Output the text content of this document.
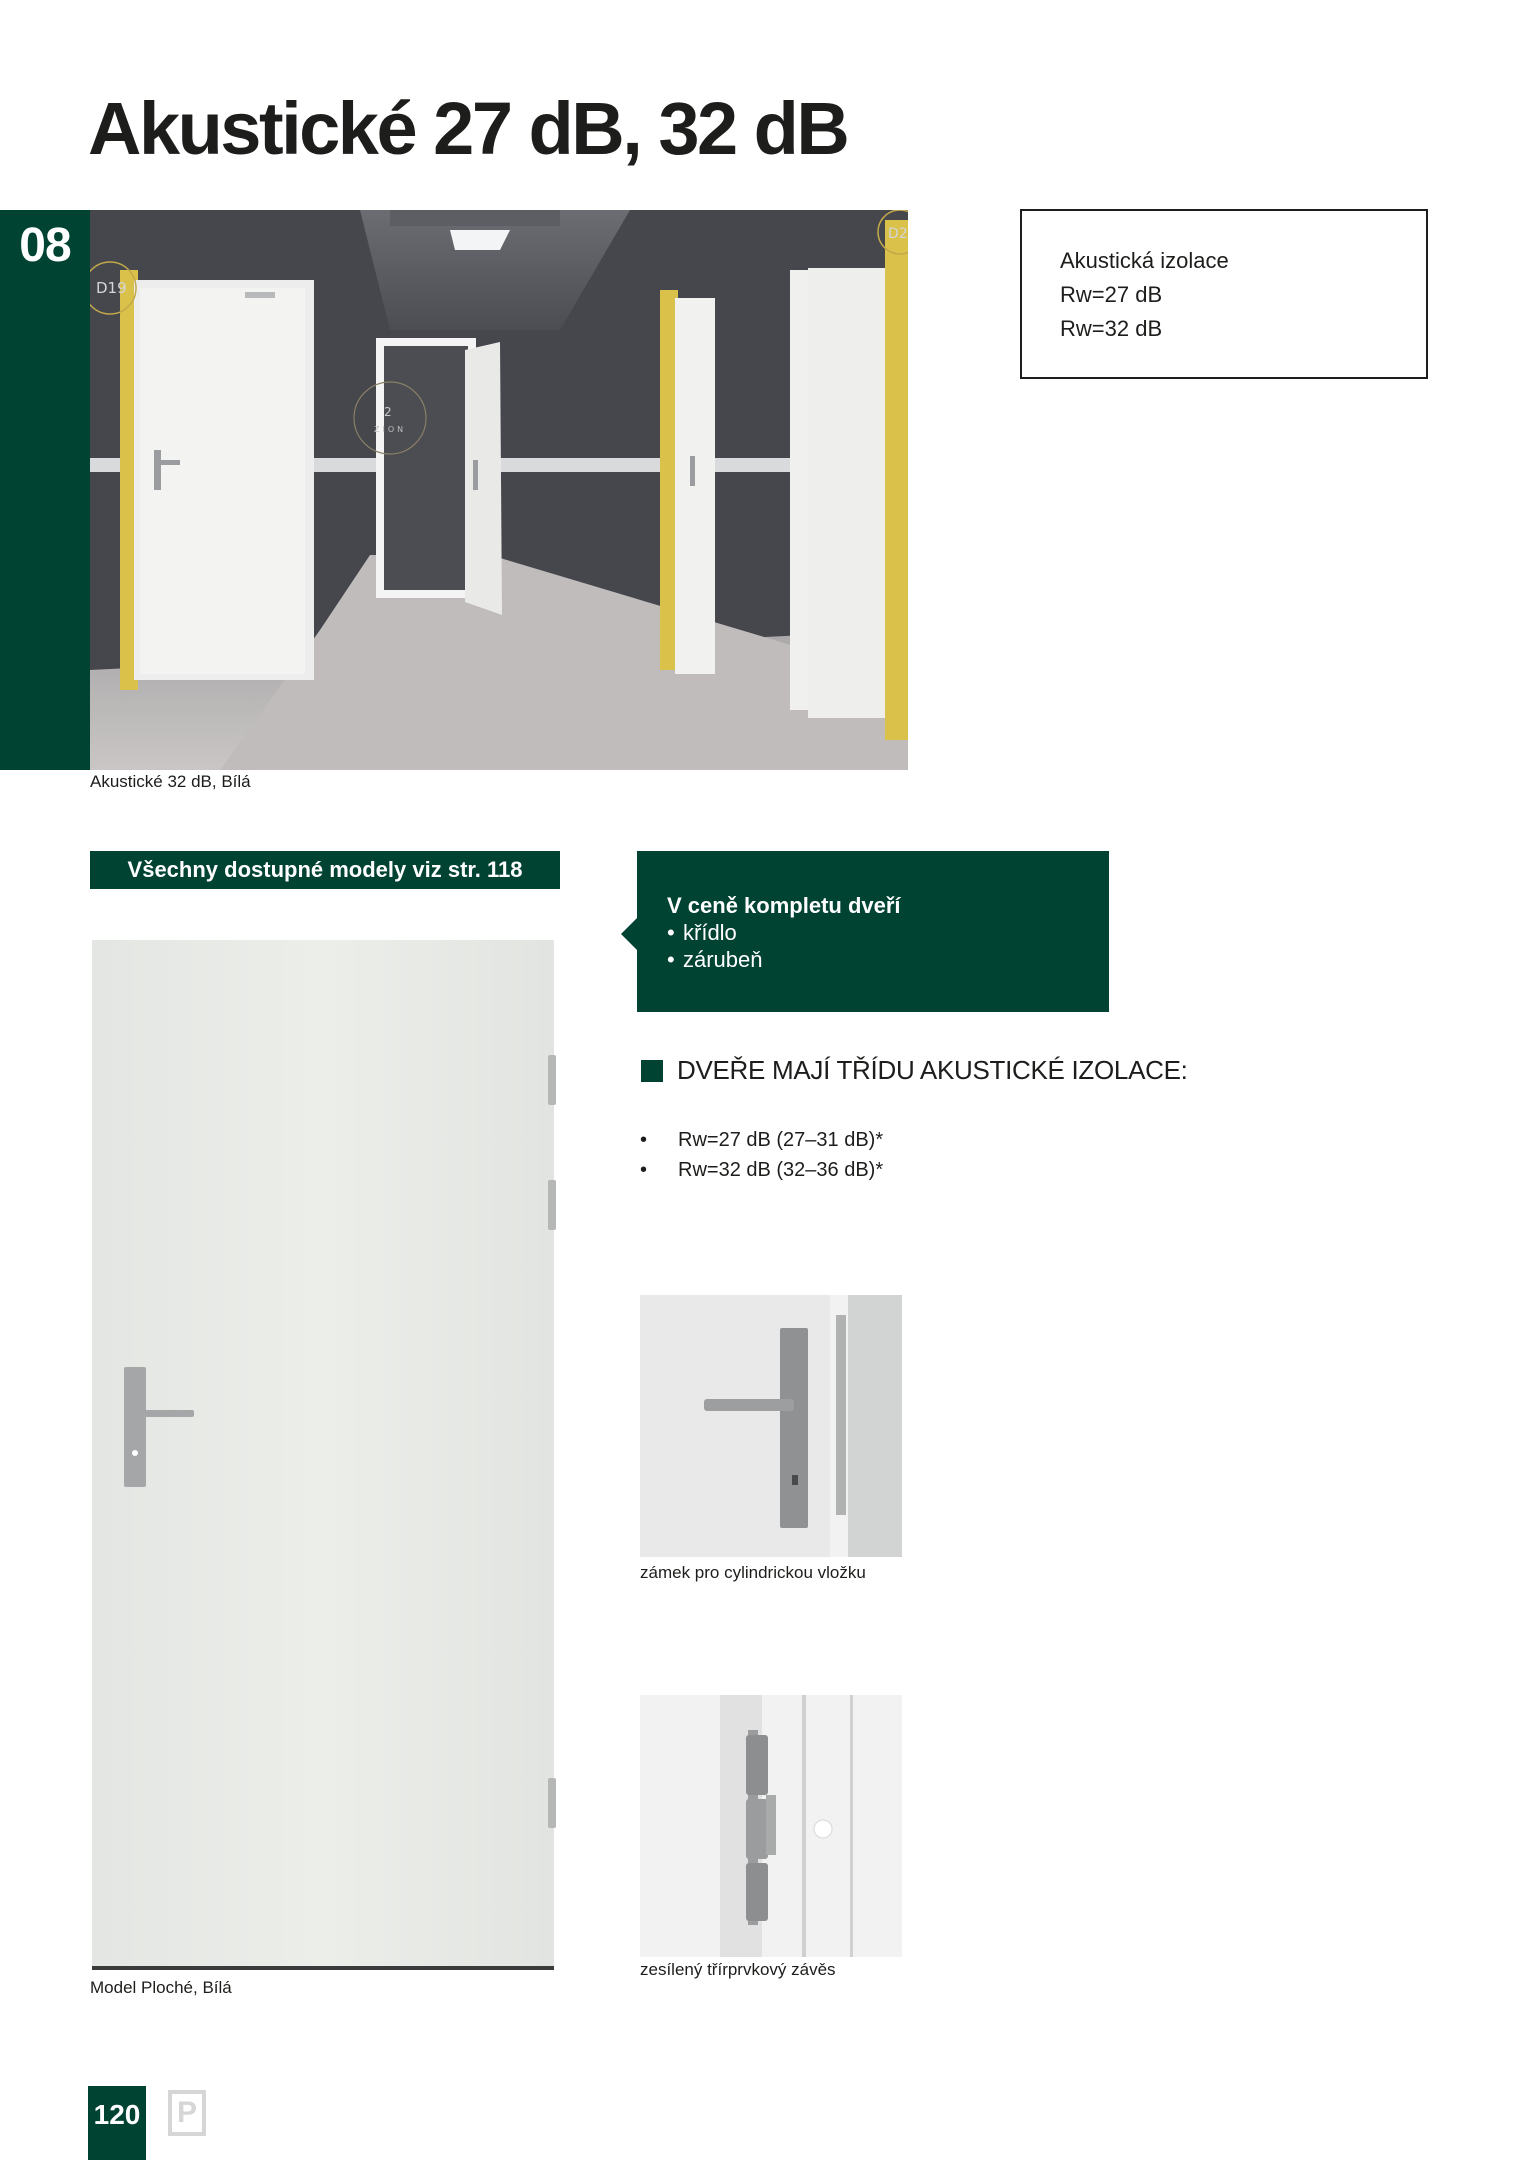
Akustické 27 dB, 32 dB
08
D19
D2
2
ZION
Akustické 32 dB, Bílá
Akustická izolace
Rw=27 dB
Rw=32 dB
Všechny dostupné modely viz str. 118
V ceně kompletu dveří
• křídlo
• zárubeň
DVEŘE MAJÍ TŘÍDU AKUSTICKÉ IZOLACE:
•	Rw=27 dB (27–31 dB)*
•	Rw=32 dB (32–36 dB)*
Model Ploché, Bílá
zámek pro cylindrickou vložku
zesílený třírprvkový závěs
120 P
